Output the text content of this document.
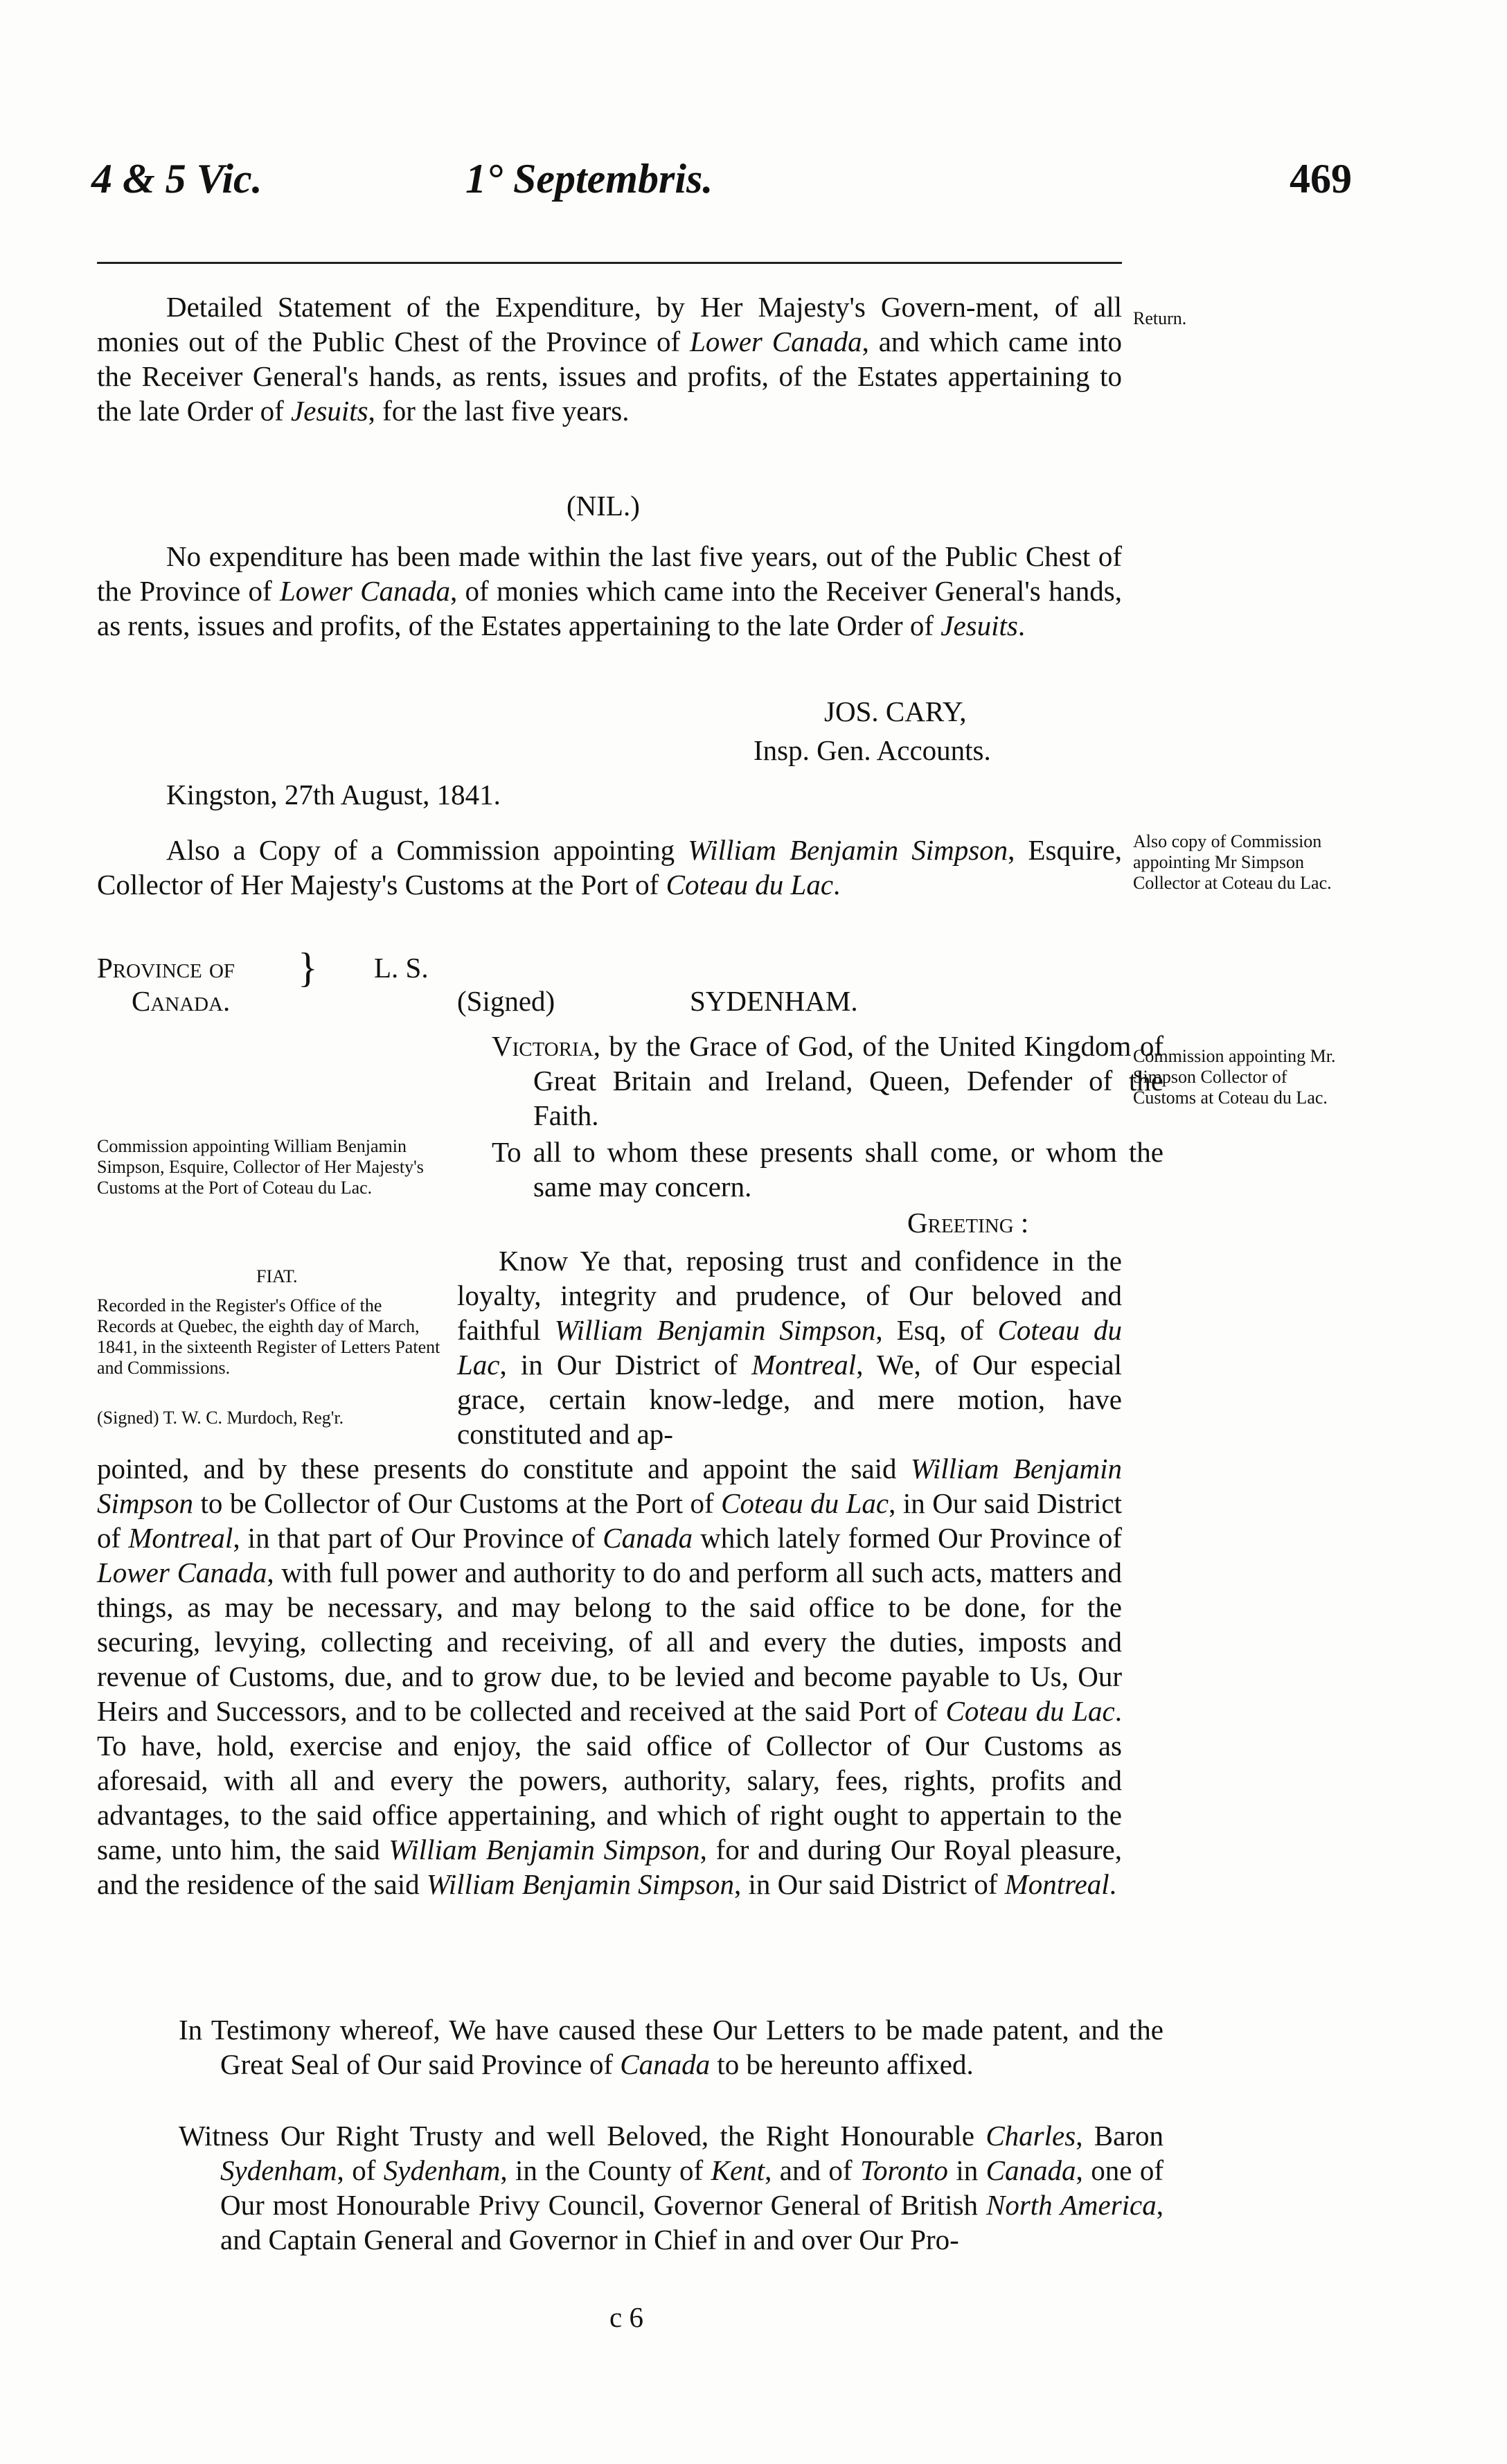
4 & 5 Vic.	1° Septembris.	469
Return.
Detailed Statement of the Expenditure, by Her Majesty's Govern-ment, of all monies out of the Public Chest of the Province of Lower Canada, and which came into the Receiver General's hands, as rents, issues and profits, of the Estates appertaining to the late Order of Jesuits, for the last five years.
(NIL.)
No expenditure has been made within the last five years, out of the Public Chest of the Province of Lower Canada, of monies which came into the Receiver General's hands, as rents, issues and profits, of the Estates appertaining to the late Order of Jesuits.
JOS. CARY,
Insp. Gen. Accounts.
Kingston, 27th August, 1841.
Also a Copy of a Commission appointing William Benjamin Simpson, Esquire, Collector of Her Majesty's Customs at the Port of Coteau du Lac.
Also copy of Commission appointing Mr Simpson Collector at Coteau du Lac.
Province of
Canada.
} L. S.
(Signed)	SYDENHAM.
Victoria, by the Grace of God, of the United Kingdom of Great Britain and Ireland, Queen, Defender of the Faith.
Commission appointing Mr. Simpson Collector of Customs at Coteau du Lac.
Commission appointing William Benjamin Simpson, Esquire, Collector of Her Majesty's Customs at the Port of Coteau du Lac.
To all to whom these presents shall come, or whom the same may concern.
Greeting :
FIAT.
Recorded in the Register's Office of the Records at Quebec, the eighth day of March, 1841, in the sixteenth Register of Letters Patent and Commissions.
(Signed) T. W. C. Murdoch, Reg'r.
Know Ye that, reposing trust and confidence in the loyalty, integrity and prudence, of Our beloved and faithful William Benjamin Simpson, Esq, of Coteau du Lac, in Our District of Montreal, We, of Our especial grace, certain know-ledge, and mere motion, have constituted and ap-
pointed, and by these presents do constitute and appoint the said William Benjamin Simpson to be Collector of Our Customs at the Port of Coteau du Lac, in Our said District of Montreal, in that part of Our Province of Canada which lately formed Our Province of Lower Canada, with full power and authority to do and perform all such acts, matters and things, as may be necessary, and may belong to the said office to be done, for the securing, levying, collecting and receiving, of all and every the duties, imposts and revenue of Customs, due, and to grow due, to be levied and become payable to Us, Our Heirs and Successors, and to be collected and received at the said Port of Coteau du Lac. To have, hold, exercise and enjoy, the said office of Collector of Our Customs as aforesaid, with all and every the powers, authority, salary, fees, rights, profits and advantages, to the said office appertaining, and which of right ought to appertain to the same, unto him, the said William Benjamin Simpson, for and during Our Royal pleasure, and the residence of the said William Benjamin Simpson, in Our said District of Montreal.
In Testimony whereof, We have caused these Our Letters to be made patent, and the Great Seal of Our said Province of Canada to be hereunto affixed.
Witness Our Right Trusty and well Beloved, the Right Honourable Charles, Baron Sydenham, of Sydenham, in the County of Kent, and of Toronto in Canada, one of Our most Honourable Privy Council, Governor General of British North America, and Captain General and Governor in Chief in and over Our Pro-
c 6
